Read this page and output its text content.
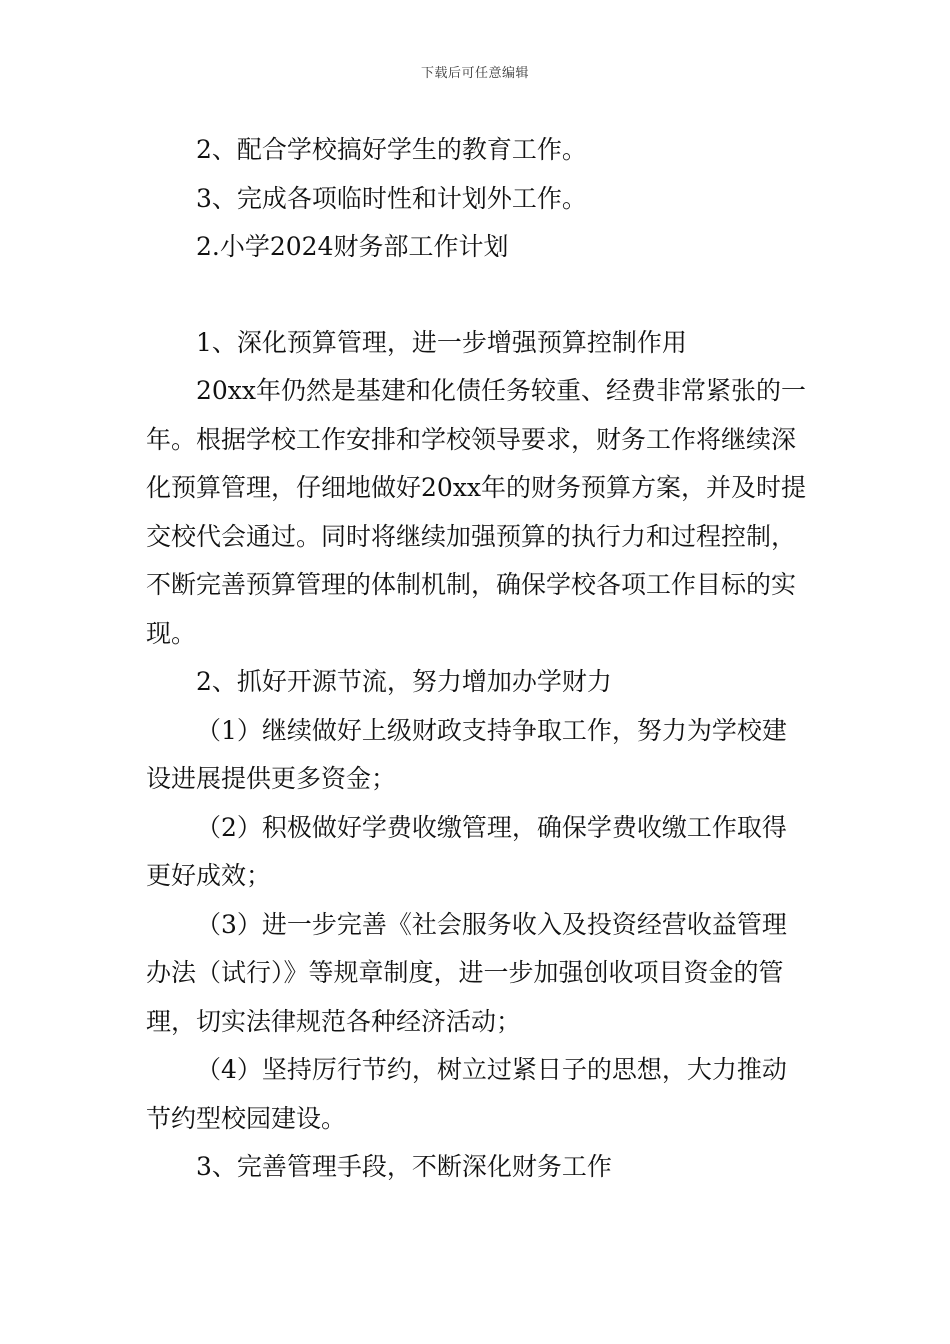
下载后可任意编辑

2、配合学校搞好学生的教育工作。

3、完成各项临时性和计划外工作。

2.小学2024财务部工作计划

1、深化预算管理，进一步增强预算控制作用

20xx年仍然是基建和化债任务较重、经费非常紧张的一年。根据学校工作安排和学校领导要求，财务工作将继续深化预算管理，仔细地做好20xx年的财务预算方案，并及时提交校代会通过。同时将继续加强预算的执行力和过程控制，不断完善预算管理的体制机制，确保学校各项工作目标的实现。

2、抓好开源节流，努力增加办学财力

（1）继续做好上级财政支持争取工作，努力为学校建设进展提供更多资金；

（2）积极做好学费收缴管理，确保学费收缴工作取得更好成效；

（3）进一步完善《社会服务收入及投资经营收益管理办法（试行）》等规章制度，进一步加强创收项目资金的管理，切实法律规范各种经济活动；

（4）坚持厉行节约，树立过紧日子的思想，大力推动节约型校园建设。

3、完善管理手段，不断深化财务工作
